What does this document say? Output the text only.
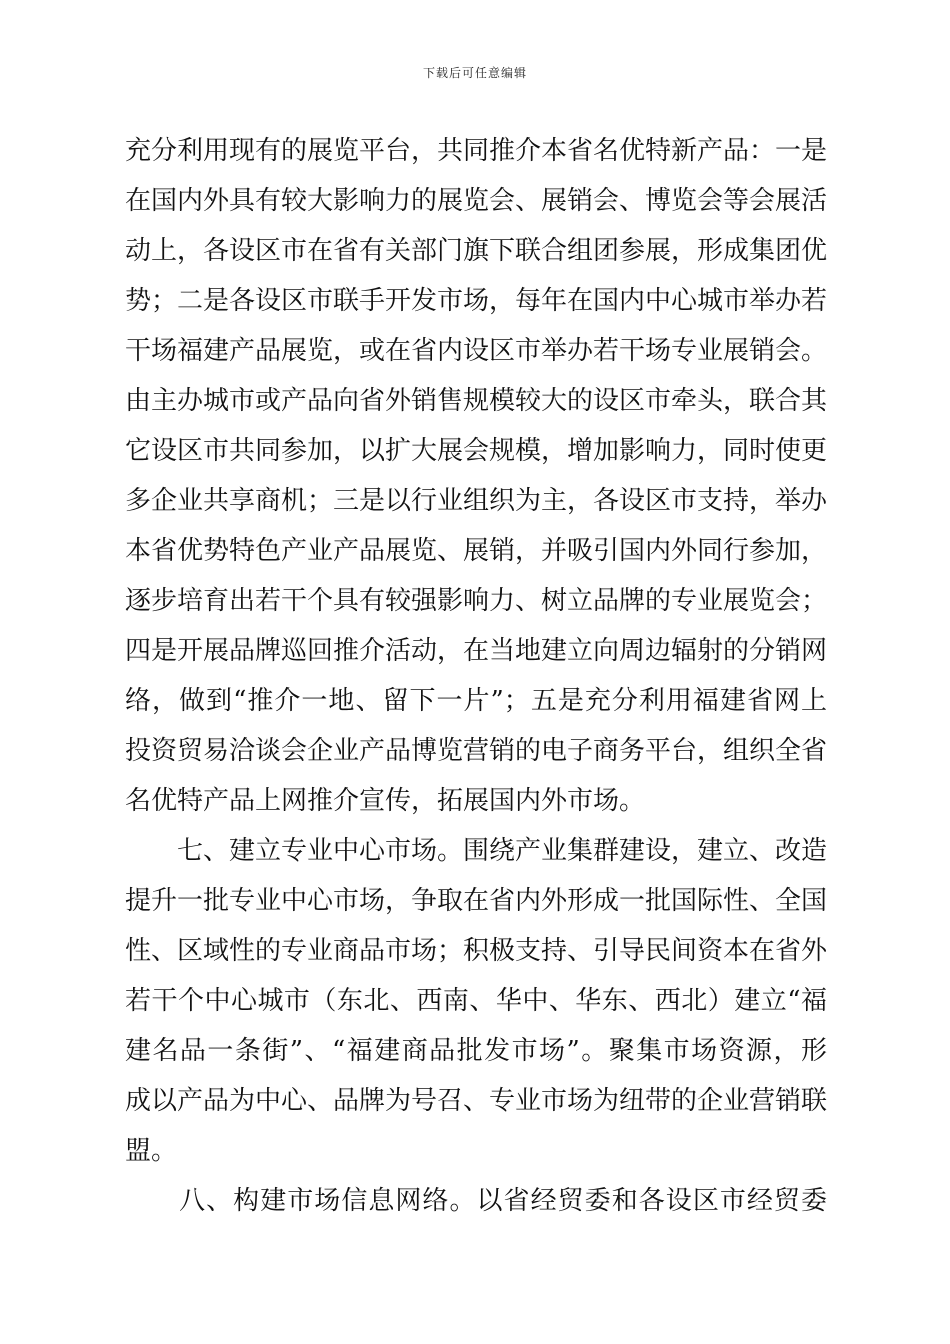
下载后可任意编辑

充分利用现有的展览平台，共同推介本省名优特新产品：一是
在国内外具有较大影响力的展览会、展销会、博览会等会展活
动上，各设区市在省有关部门旗下联合组团参展，形成集团优
势；二是各设区市联手开发市场，每年在国内中心城市举办若
干场福建产品展览，或在省内设区市举办若干场专业展销会。
由主办城市或产品向省外销售规模较大的设区市牵头，联合其
它设区市共同参加，以扩大展会规模，增加影响力，同时使更
多企业共享商机；三是以行业组织为主，各设区市支持，举办
本省优势特色产业产品展览、展销，并吸引国内外同行参加，
逐步培育出若干个具有较强影响力、树立品牌的专业展览会；
四是开展品牌巡回推介活动，在当地建立向周边辐射的分销网
络，做到“推介一地、留下一片”；五是充分利用福建省网上
投资贸易洽谈会企业产品博览营销的电子商务平台，组织全省
名优特产品上网推介宣传，拓展国内外市场。

　　七、建立专业中心市场。围绕产业集群建设，建立、改造
提升一批专业中心市场，争取在省内外形成一批国际性、全国
性、区域性的专业商品市场；积极支持、引导民间资本在省外
若干个中心城市（东北、西南、华中、华东、西北）建立“福
建名品一条街”、“福建商品批发市场”。聚集市场资源，形
成以产品为中心、品牌为号召、专业市场为纽带的企业营销联
盟。

　　八、构建市场信息网络。以省经贸委和各设区市经贸委
